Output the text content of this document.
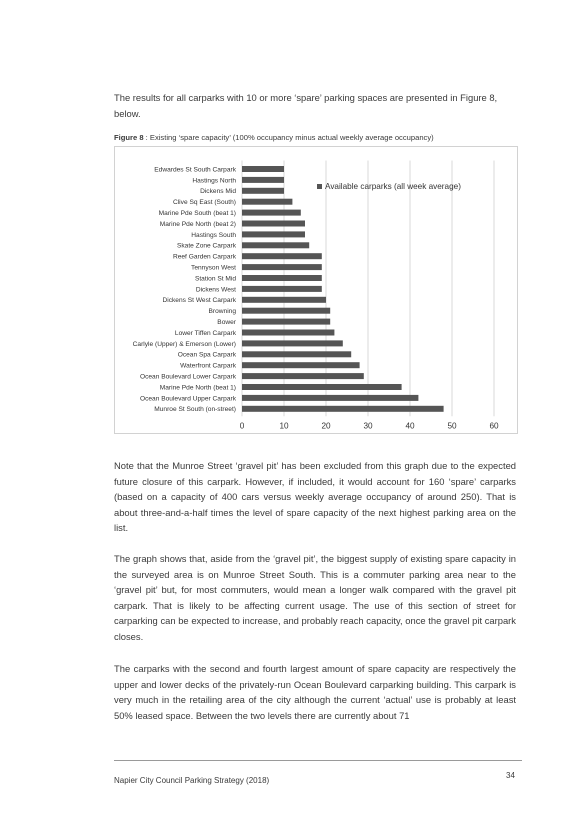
The results for all carparks with 10 or more ‘spare’ parking spaces are presented in Figure 8, below.

Figure 8 : Existing ‘spare capacity’ (100% occupancy minus actual weekly average occupancy)
Edwardes St South Carpark
Hastings North
Dickens Mid
Clive Sq East (South)
Marine Pde South (beat 1)
Marine Pde North (beat 2)
Hastings South
Skate Zone Carpark
Reef Garden Carpark
Tennyson West
Station St Mid
Dickens West
Dickens St West Carpark
Browning
Bower
Lower Tiffen Carpark
Carlyle (Upper) & Emerson (Lower)
Ocean Spa Carpark
Waterfront Carpark
Ocean Boulevard Lower Carpark
Marine Pde North (beat 1)
Ocean Boulevard Upper Carpark
Munroe St South (on-street)
0	10	20	30	40	50	60
Available carparks (all week average)

Note that the Munroe Street ‘gravel pit’ has been excluded from this graph due to the expected future closure of this carpark. However, if included, it would account for 160 ‘spare’ carparks (based on a capacity of 400 cars versus weekly average occupancy of around 250). That is about three-and-a-half times the level of spare capacity of the next highest parking area on the list.

The graph shows that, aside from the ‘gravel pit’, the biggest supply of existing spare capacity in the surveyed area is on Munroe Street South. This is a commuter parking area near to the ‘gravel pit’ but, for most commuters, would mean a longer walk compared with the gravel pit carpark. That is likely to be affecting current usage. The use of this section of street for carparking can be expected to increase, and probably reach capacity, once the gravel pit carpark closes.

The carparks with the second and fourth largest amount of spare capacity are respectively the upper and lower decks of the privately-run Ocean Boulevard carparking building. This carpark is very much in the retailing area of the city although the current ‘actual’ use is probably at least 50% leased space. Between the two levels there are currently about 71

Napier City Council Parking Strategy (2018)
34
